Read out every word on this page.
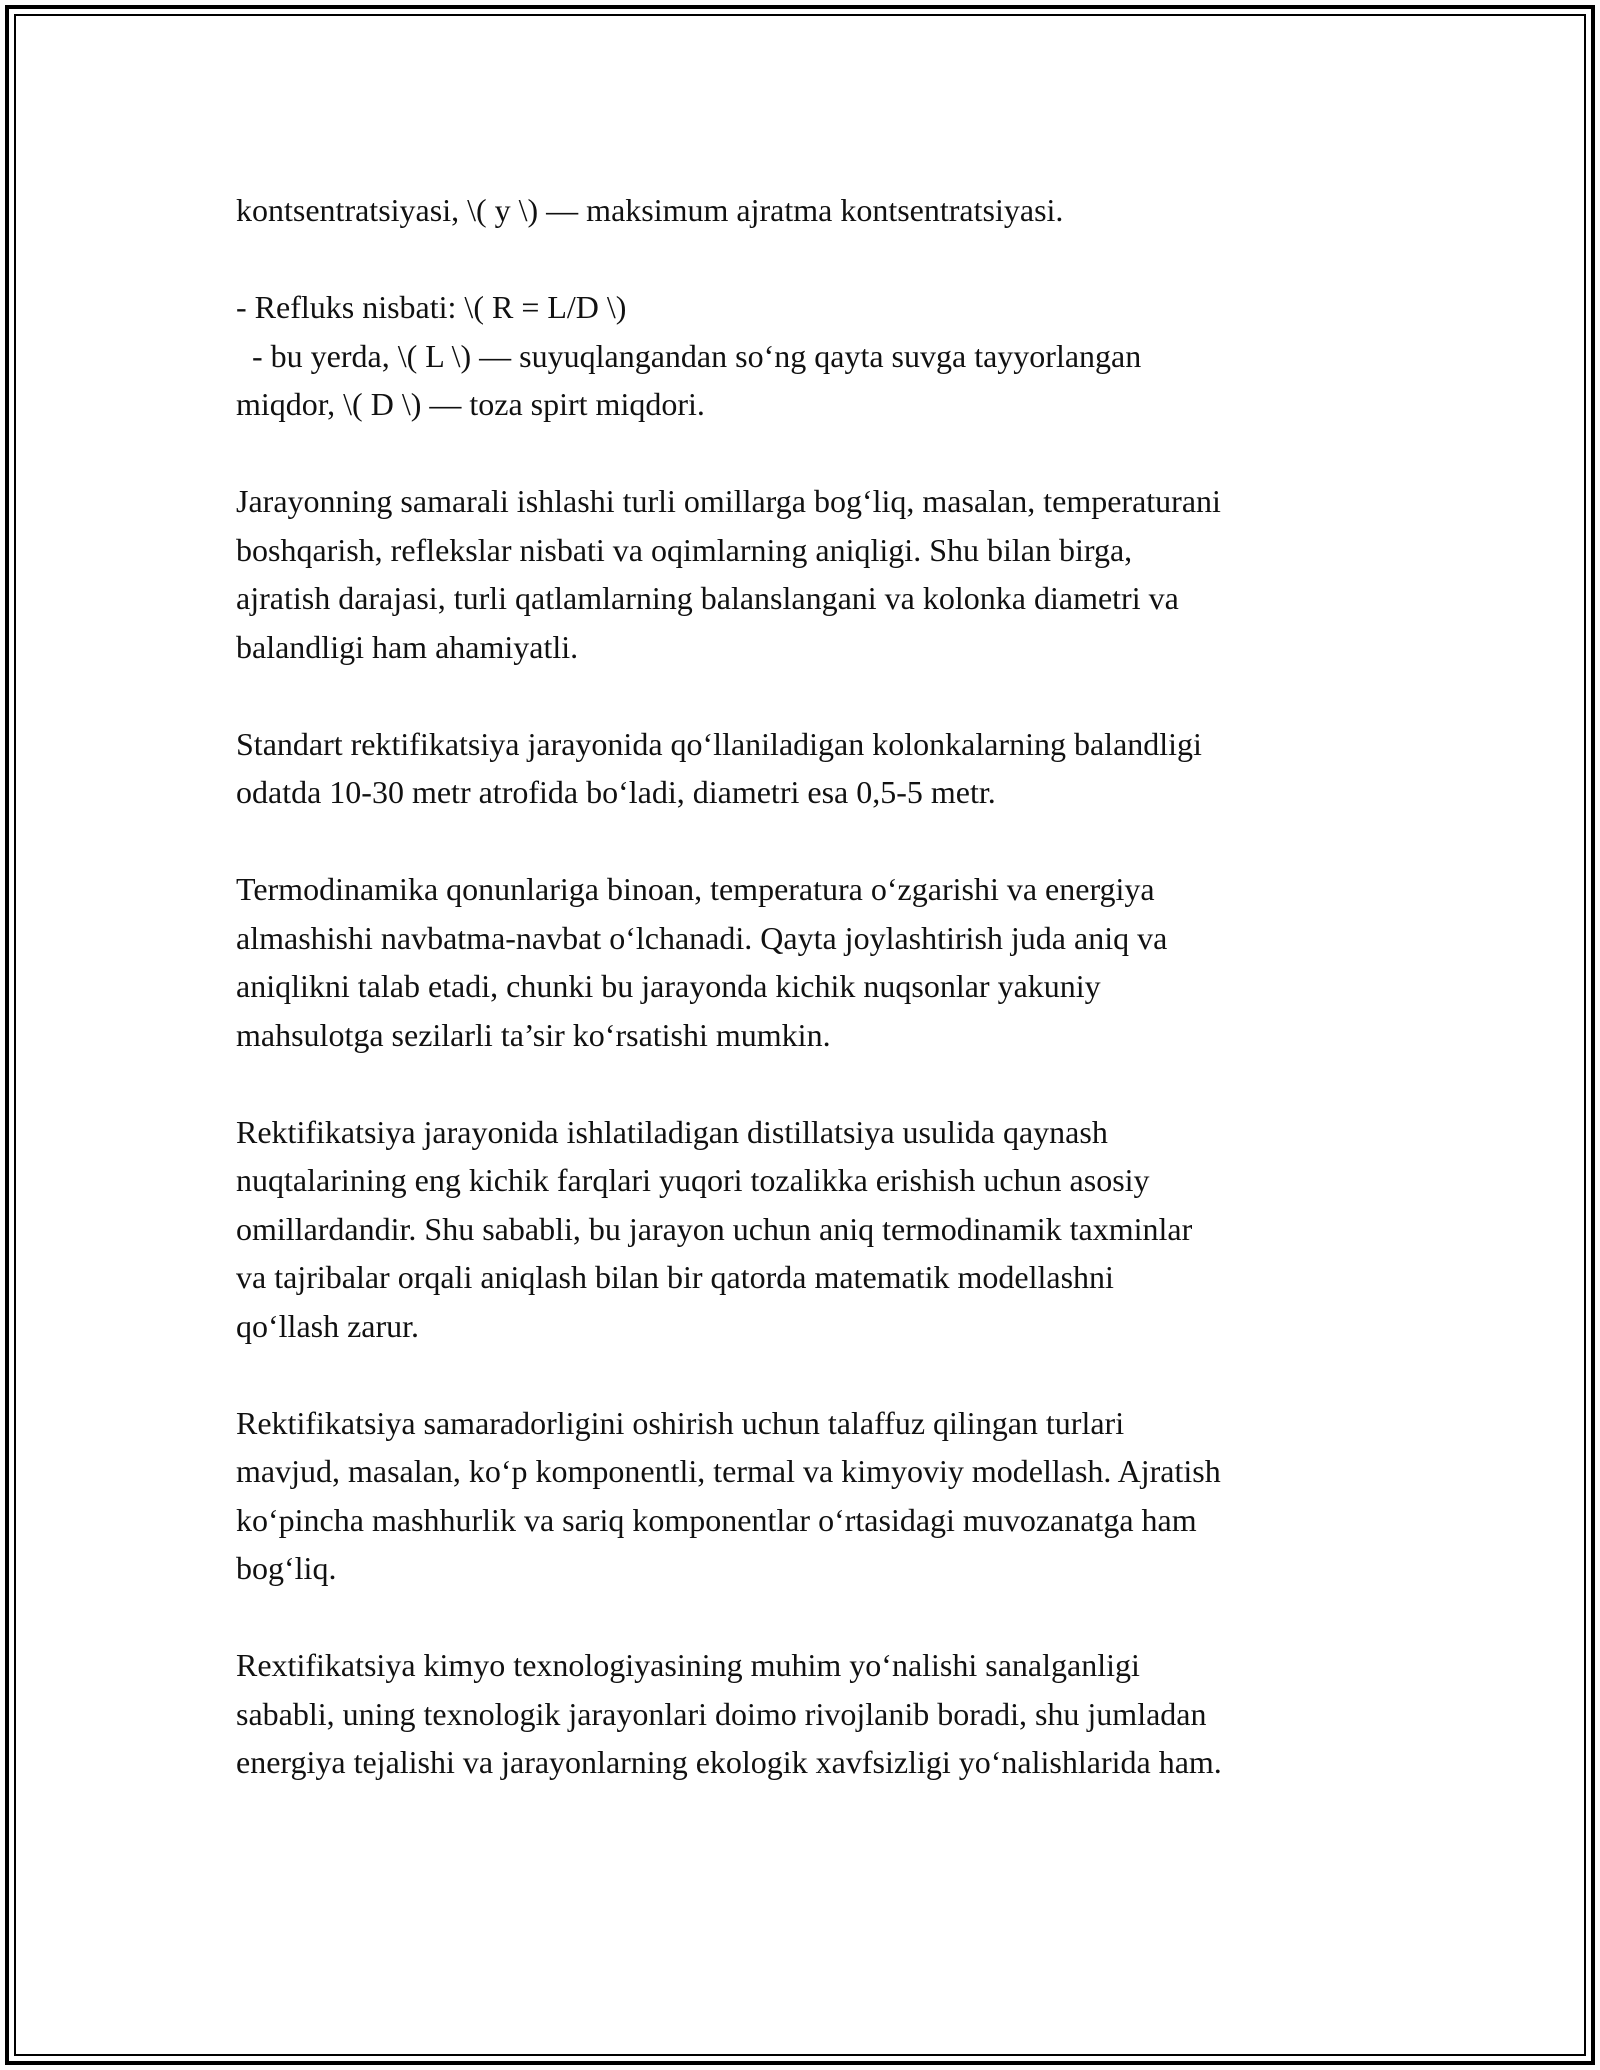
kontsentratsiyasi, \( y \) — maksimum ajratma kontsentratsiyasi.

- Refluks nisbati: \( R = L/D \)
- bu yerda, \( L \) — suyuqlangandan so‘ng qayta suvga tayyorlangan
miqdor, \( D \) — toza spirt miqdori.

Jarayonning samarali ishlashi turli omillarga bog‘liq, masalan, temperaturani
boshqarish, reflekslar nisbati va oqimlarning aniqligi. Shu bilan birga,
ajratish darajasi, turli qatlamlarning balanslangani va kolonka diametri va
balandligi ham ahamiyatli.

Standart rektifikatsiya jarayonida qo‘llaniladigan kolonkalarning balandligi
odatda 10-30 metr atrofida bo‘ladi, diametri esa 0,5-5 metr.

Termodinamika qonunlariga binoan, temperatura o‘zgarishi va energiya
almashishi navbatma-navbat o‘lchanadi. Qayta joylashtirish juda aniq va
aniqlikni talab etadi, chunki bu jarayonda kichik nuqsonlar yakuniy
mahsulotga sezilarli ta’sir ko‘rsatishi mumkin.

Rektifikatsiya jarayonida ishlatiladigan distillatsiya usulida qaynash
nuqtalarining eng kichik farqlari yuqori tozalikka erishish uchun asosiy
omillardandir. Shu sababli, bu jarayon uchun aniq termodinamik taxminlar
va tajribalar orqali aniqlash bilan bir qatorda matematik modellashni
qo‘llash zarur.

Rektifikatsiya samaradorligini oshirish uchun talaffuz qilingan turlari
mavjud, masalan, ko‘p komponentli, termal va kimyoviy modellash. Ajratish
ko‘pincha mashhurlik va sariq komponentlar o‘rtasidagi muvozanatga ham
bog‘liq.

Rextifikatsiya kimyo texnologiyasining muhim yo‘nalishi sanalganligi
sababli, uning texnologik jarayonlari doimo rivojlanib boradi, shu jumladan
energiya tejalishi va jarayonlarning ekologik xavfsizligi yo‘nalishlarida ham.
